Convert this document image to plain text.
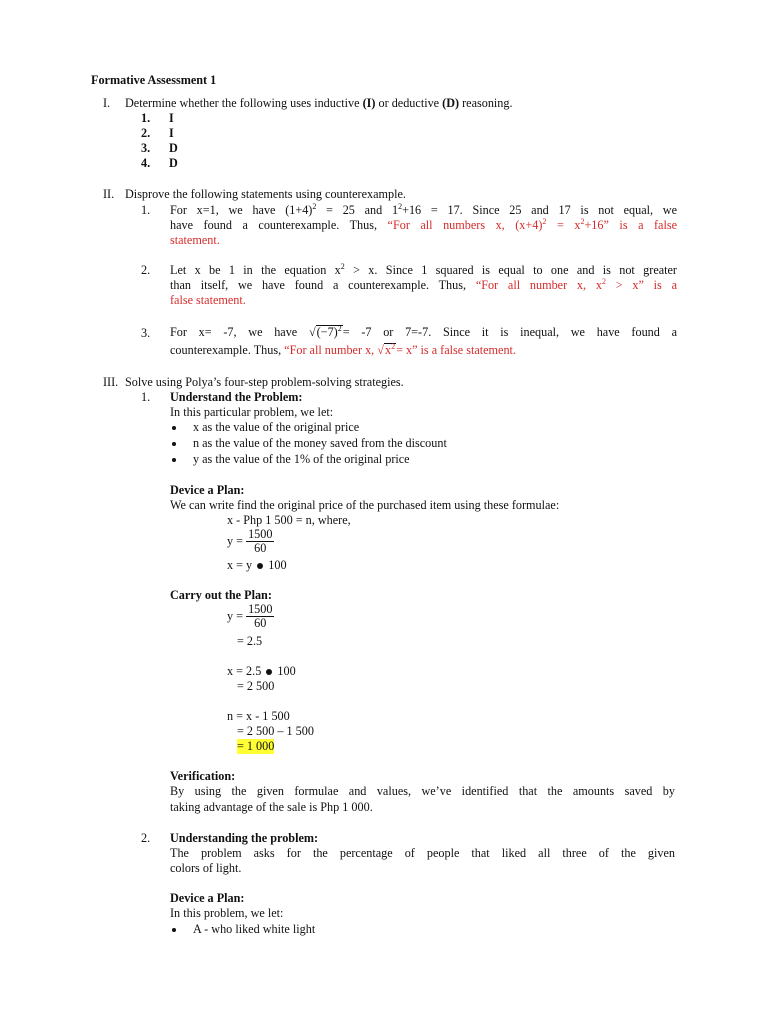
Formative Assessment 1
I. Determine whether the following uses inductive (I) or deductive (D) reasoning.
1. I
2. I
3. D
4. D
II. Disprove the following statements using counterexample.
1. For x=1, we have $(1+4)^2 = 25$ and $1^2+16 = 17$. Since 25 and 17 is not equal, we
have found a counterexample. Thus, “For all numbers x, $(x+4)^2 = x^2+16$” is a false
statement.
2. Let x be 1 in the equation $x^2 > x$. Since 1 squared is equal to one and is not greater
than itself, we have found a counterexample. Thus, “For all number x, $x^2 > x$” is a
false statement.
3. For x= -7, we have $√(-7)^2= -7$ or 7=-7. Since it is inequal, we have found a
counterexample. Thus, “For all number x, $√x^2= x$” is a false statement.
III. Solve using Polya’s four-step problem-solving strategies.
1. Understand the Problem:
In this particular problem, we let:
x as the value of the original price
n as the value of the money saved from the discount
y as the value of the 1% of the original price
Device a Plan:
We can write find the original price of the purchased item using these formulae:
x - Php 1 500 = n, where,
$y = \frac{1500}{60}$
x = y 100
Carry out the Plan:
$y = \frac{1500}{60}$
= 2.5
x = 2.5 100
= 2 500
n = x - 1 500
= 2 500 – 1 500
= 1 000
Verification:
By using the given formulae and values, we’ve identified that the amounts saved by
taking advantage of the sale is Php 1 000.
2. Understanding the problem:
The problem asks for the percentage of people that liked all three of the given
colors of light.
Device a Plan:
In this problem, we let:
A - who liked white light
